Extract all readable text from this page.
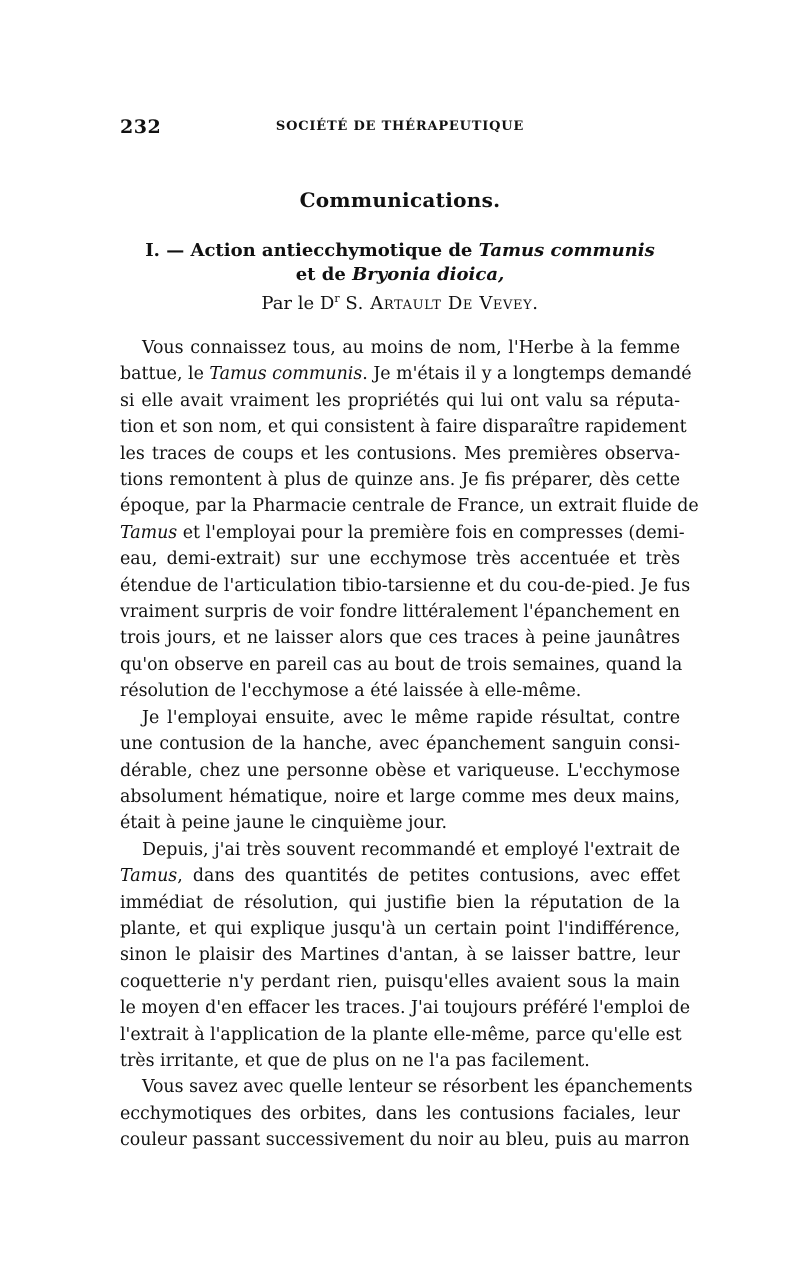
232	SOCIÉTÉ DE THÉRAPEUTIQUE
Communications.
I. — Action antiecchymotique de Tamus communis
et de Bryonia dioica,
Par le $D^r$ S. Artault De Vevey.

Vous connaissez tous, au moins de nom, l'Herbe à la femme
battue, le Tamus communis. Je m'étais il y a longtemps demandé
si elle avait vraiment les propriétés qui lui ont valu sa réputa-
tion et son nom, et qui consistent à faire disparaître rapidement
les traces de coups et les contusions. Mes premières observa-
tions remontent à plus de quinze ans. Je fis préparer, dès cette
époque, par la Pharmacie centrale de France, un extrait fluide de
Tamus et l'employai pour la première fois en compresses (demi-
eau, demi-extrait) sur une ecchymose très accentuée et très
étendue de l'articulation tibio-tarsienne et du cou-de-pied. Je fus
vraiment surpris de voir fondre littéralement l'épanchement en
trois jours, et ne laisser alors que ces traces à peine jaunâtres
qu'on observe en pareil cas au bout de trois semaines, quand la
résolution de l'ecchymose a été laissée à elle-même.

Je l'employai ensuite, avec le même rapide résultat, contre
une contusion de la hanche, avec épanchement sanguin consi-
dérable, chez une personne obèse et variqueuse. L'ecchymose
absolument hématique, noire et large comme mes deux mains,
était à peine jaune le cinquième jour.

Depuis, j'ai très souvent recommandé et employé l'extrait de
Tamus, dans des quantités de petites contusions, avec effet
immédiat de résolution, qui justifie bien la réputation de la
plante, et qui explique jusqu'à un certain point l'indifférence,
sinon le plaisir des Martines d'antan, à se laisser battre, leur
coquetterie n'y perdant rien, puisqu'elles avaient sous la main
le moyen d'en effacer les traces. J'ai toujours préféré l'emploi de
l'extrait à l'application de la plante elle-même, parce qu'elle est
très irritante, et que de plus on ne l'a pas facilement.

Vous savez avec quelle lenteur se résorbent les épanchements
ecchymotiques des orbites, dans les contusions faciales, leur
couleur passant successivement du noir au bleu, puis au marron
